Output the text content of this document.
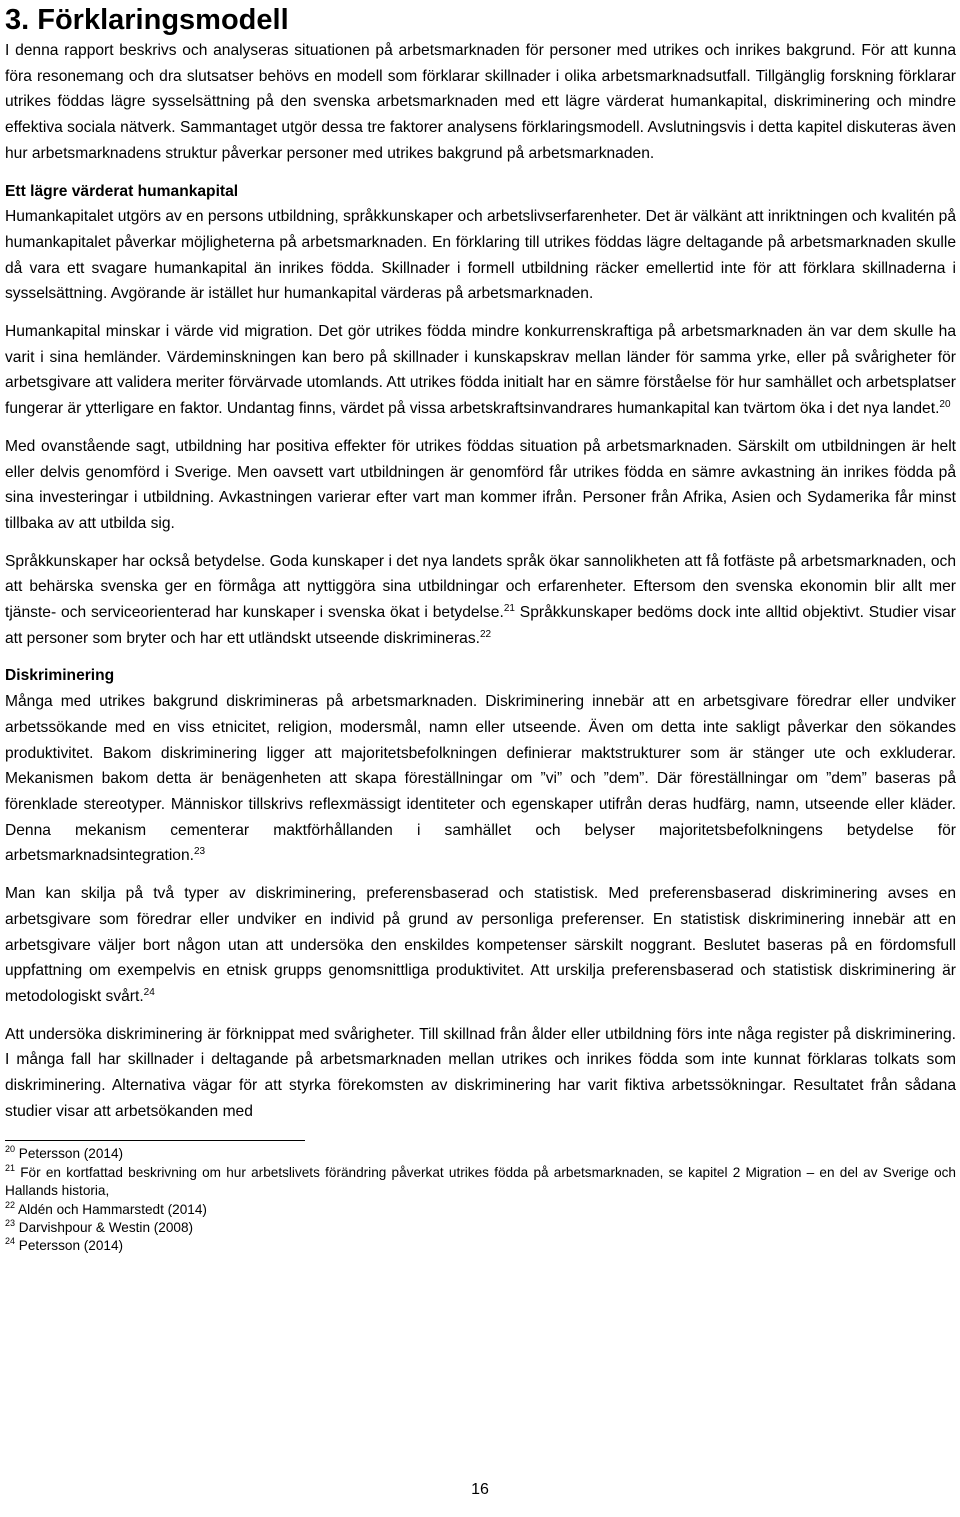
3. Förklaringsmodell

I denna rapport beskrivs och analyseras situationen på arbetsmarknaden för personer med utrikes och inrikes bakgrund. För att kunna föra resonemang och dra slutsatser behövs en modell som förklarar skillnader i olika arbetsmarknadsutfall. Tillgänglig forskning förklarar utrikes föddas lägre sysselsättning på den svenska arbetsmarknaden med ett lägre värderat humankapital, diskriminering och mindre effektiva sociala nätverk. Sammantaget utgör dessa tre faktorer analysens förklaringsmodell. Avslutningsvis i detta kapitel diskuteras även hur arbetsmarknadens struktur påverkar personer med utrikes bakgrund på arbetsmarknaden.

Ett lägre värderat humankapital

Humankapitalet utgörs av en persons utbildning, språkkunskaper och arbetslivserfarenheter. Det är välkänt att inriktningen och kvalitén på humankapitalet påverkar möjligheterna på arbetsmarknaden. En förklaring till utrikes föddas lägre deltagande på arbetsmarknaden skulle då vara ett svagare humankapital än inrikes födda. Skillnader i formell utbildning räcker emellertid inte för att förklara skillnaderna i sysselsättning. Avgörande är istället hur humankapital värderas på arbetsmarknaden.

Humankapital minskar i värde vid migration. Det gör utrikes födda mindre konkurrenskraftiga på arbetsmarknaden än var dem skulle ha varit i sina hemländer. Värdeminskningen kan bero på skillnader i kunskapskrav mellan länder för samma yrke, eller på svårigheter för arbetsgivare att validera meriter förvärvade utomlands. Att utrikes födda initialt har en sämre förståelse för hur samhället och arbetsplatser fungerar är ytterligare en faktor. Undantag finns, värdet på vissa arbetskraftsinvandrares humankapital kan tvärtom öka i det nya landet.$^{20}$

Med ovanstående sagt, utbildning har positiva effekter för utrikes föddas situation på arbetsmarknaden. Särskilt om utbildningen är helt eller delvis genomförd i Sverige. Men oavsett vart utbildningen är genomförd får utrikes födda en sämre avkastning än inrikes födda på sina investeringar i utbildning. Avkastningen varierar efter vart man kommer ifrån. Personer från Afrika, Asien och Sydamerika får minst tillbaka av att utbilda sig.

Språkkunskaper har också betydelse. Goda kunskaper i det nya landets språk ökar sannolikheten att få fotfäste på arbetsmarknaden, och att behärska svenska ger en förmåga att nyttiggöra sina utbildningar och erfarenheter. Eftersom den svenska ekonomin blir allt mer tjänste- och serviceorienterad har kunskaper i svenska ökat i betydelse.$^{21}$ Språkkunskaper bedöms dock inte alltid objektivt. Studier visar att personer som bryter och har ett utländskt utseende diskrimineras.$^{22}$

Diskriminering

Många med utrikes bakgrund diskrimineras på arbetsmarknaden. Diskriminering innebär att en arbetsgivare föredrar eller undviker arbetssökande med en viss etnicitet, religion, modersmål, namn eller utseende. Även om detta inte sakligt påverkar den sökandes produktivitet. Bakom diskriminering ligger att majoritetsbefolkningen definierar maktstrukturer som är stänger ute och exkluderar. Mekanismen bakom detta är benägenheten att skapa föreställningar om ”vi” och ”dem”. Där föreställningar om ”dem” baseras på förenklade stereotyper. Människor tillskrivs reflexmässigt identiteter och egenskaper utifrån deras hudfärg, namn, utseende eller kläder. Denna mekanism cementerar maktförhållanden i samhället och belyser majoritetsbefolkningens betydelse för arbetsmarknadsintegration.$^{23}$

Man kan skilja på två typer av diskriminering, preferensbaserad och statistisk. Med preferensbaserad diskriminering avses en arbetsgivare som föredrar eller undviker en individ på grund av personliga preferenser. En statistisk diskriminering innebär att en arbetsgivare väljer bort någon utan att undersöka den enskildes kompetenser särskilt noggrant. Beslutet baseras på en fördomsfull uppfattning om exempelvis en etnisk grupps genomsnittliga produktivitet. Att urskilja preferensbaserad och statistisk diskriminering är metodologiskt svårt.$^{24}$

Att undersöka diskriminering är förknippat med svårigheter. Till skillnad från ålder eller utbildning förs inte någa register på diskriminering. I många fall har skillnader i deltagande på arbetsmarknaden mellan utrikes och inrikes födda som inte kunnat förklaras tolkats som diskriminering. Alternativa vägar för att styrka förekomsten av diskriminering har varit fiktiva arbetssökningar. Resultatet från sådana studier visar att arbetsökanden med

$^{20}$ Petersson (2014)

$^{21}$ För en kortfattad beskrivning om hur arbetslivets förändring påverkat utrikes födda på arbetsmarknaden, se kapitel 2 Migration – en del av Sverige och Hallands historia,

$^{22}$ Aldén och Hammarstedt (2014)

$^{23}$ Darvishpour & Westin (2008)

$^{24}$ Petersson (2014)

16
